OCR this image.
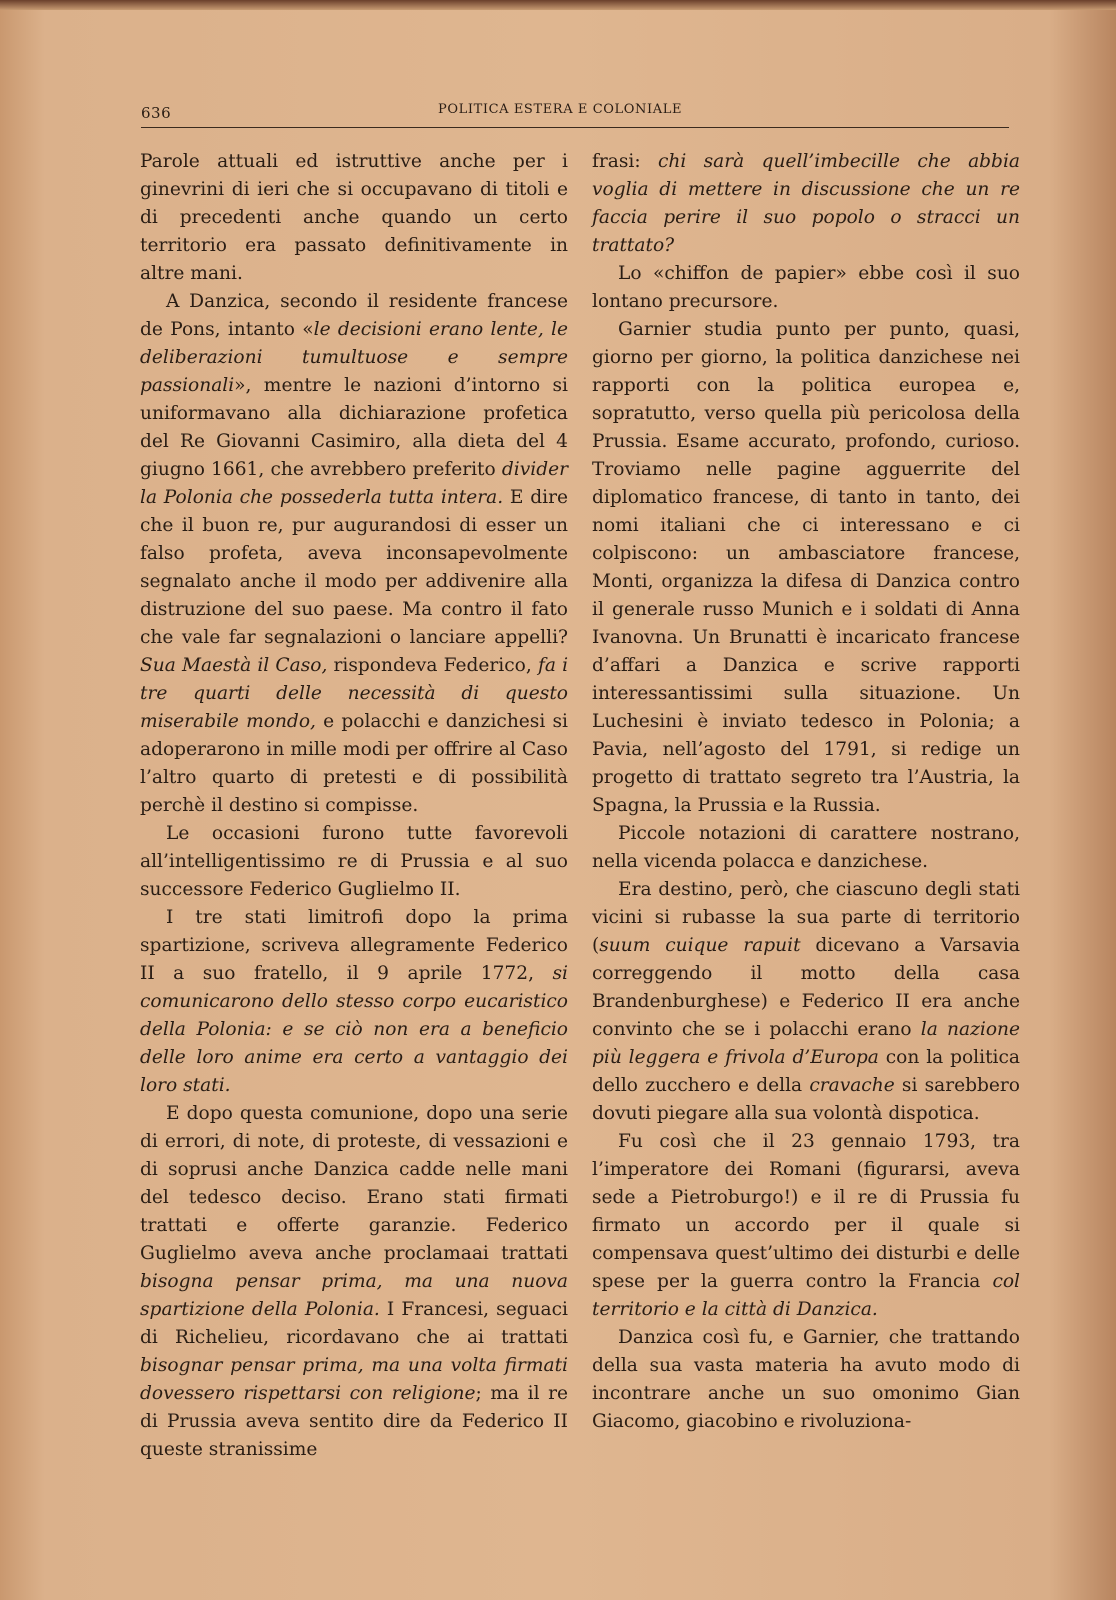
636	POLITICA ESTERA E COLONIALE

Parole attuali ed istruttive anche per i ginevrini di ieri che si occupavano di titoli e di precedenti anche quando un certo territorio era passato definitivamente in altre mani.

A Danzica, secondo il residente francese de Pons, intanto «le decisioni erano lente, le deliberazioni tumultuose e sempre passionali», mentre le nazioni d’intorno si uniformavano alla dichiarazione profetica del Re Giovanni Casimiro, alla dieta del 4 giugno 1661, che avrebbero preferito divider la Polonia che possederla tutta intera. E dire che il buon re, pur augurandosi di esser un falso profeta, aveva inconsapevolmente segnalato anche il modo per addivenire alla distruzione del suo paese. Ma contro il fato che vale far segnalazioni o lanciare appelli? Sua Maestà il Caso, rispondeva Federico, fa i tre quarti delle necessità di questo miserabile mondo, e polacchi e danzichesi si adoperarono in mille modi per offrire al Caso l’altro quarto di pretesti e di possibilità perchè il destino si compisse.

Le occasioni furono tutte favorevoli all’intelligentissimo re di Prussia e al suo successore Federico Guglielmo II.

I tre stati limitrofi dopo la prima spartizione, scriveva allegramente Federico II a suo fratello, il 9 aprile 1772, si comunicarono dello stesso corpo eucaristico della Polonia: e se ciò non era a beneficio delle loro anime era certo a vantaggio dei loro stati.

E dopo questa comunione, dopo una serie di errori, di note, di proteste, di vessazioni e di soprusi anche Danzica cadde nelle mani del tedesco deciso. Erano stati firmati trattati e offerte garanzie. Federico Guglielmo aveva anche proclamaai trattati bisogna pensar prima, ma una nuova spartizione della Polonia. I Francesi, seguaci di Richelieu, ricordavano che ai trattati bisognar pensar prima, ma una volta firmati dovessero rispettarsi con religione; ma il re di Prussia aveva sentito dire da Federico II queste stranissime

frasi: chi sarà quell’imbecille che abbia voglia di mettere in discussione che un re faccia perire il suo popolo o stracci un trattato?

Lo «chiffon de papier» ebbe così il suo lontano precursore.

Garnier studia punto per punto, quasi, giorno per giorno, la politica danzichese nei rapporti con la politica europea e, sopratutto, verso quella più pericolosa della Prussia. Esame accurato, profondo, curioso. Troviamo nelle pagine agguerrite del diplomatico francese, di tanto in tanto, dei nomi italiani che ci interessano e ci colpiscono: un ambasciatore francese, Monti, organizza la difesa di Danzica contro il generale russo Munich e i soldati di Anna Ivanovna. Un Brunatti è incaricato francese d’affari a Danzica e scrive rapporti interessantissimi sulla situazione. Un Luchesini è inviato tedesco in Polonia; a Pavia, nell’agosto del 1791, si redige un progetto di trattato segreto tra l’Austria, la Spagna, la Prussia e la Russia.

Piccole notazioni di carattere nostrano, nella vicenda polacca e danzichese.

Era destino, però, che ciascuno degli stati vicini si rubasse la sua parte di territorio (suum cuique rapuit dicevano a Varsavia correggendo il motto della casa Brandenburghese) e Federico II era anche convinto che se i polacchi erano la nazione più leggera e frivola d’Europa con la politica dello zucchero e della cravache si sarebbero dovuti piegare alla sua volontà dispotica.

Fu così che il 23 gennaio 1793, tra l’imperatore dei Romani (figurarsi, aveva sede a Pietroburgo!) e il re di Prussia fu firmato un accordo per il quale si compensava quest’ultimo dei disturbi e delle spese per la guerra contro la Francia col territorio e la città di Danzica.

Danzica così fu, e Garnier, che trattando della sua vasta materia ha avuto modo di incontrare anche un suo omonimo Gian Giacomo, giacobino e rivoluziona-
